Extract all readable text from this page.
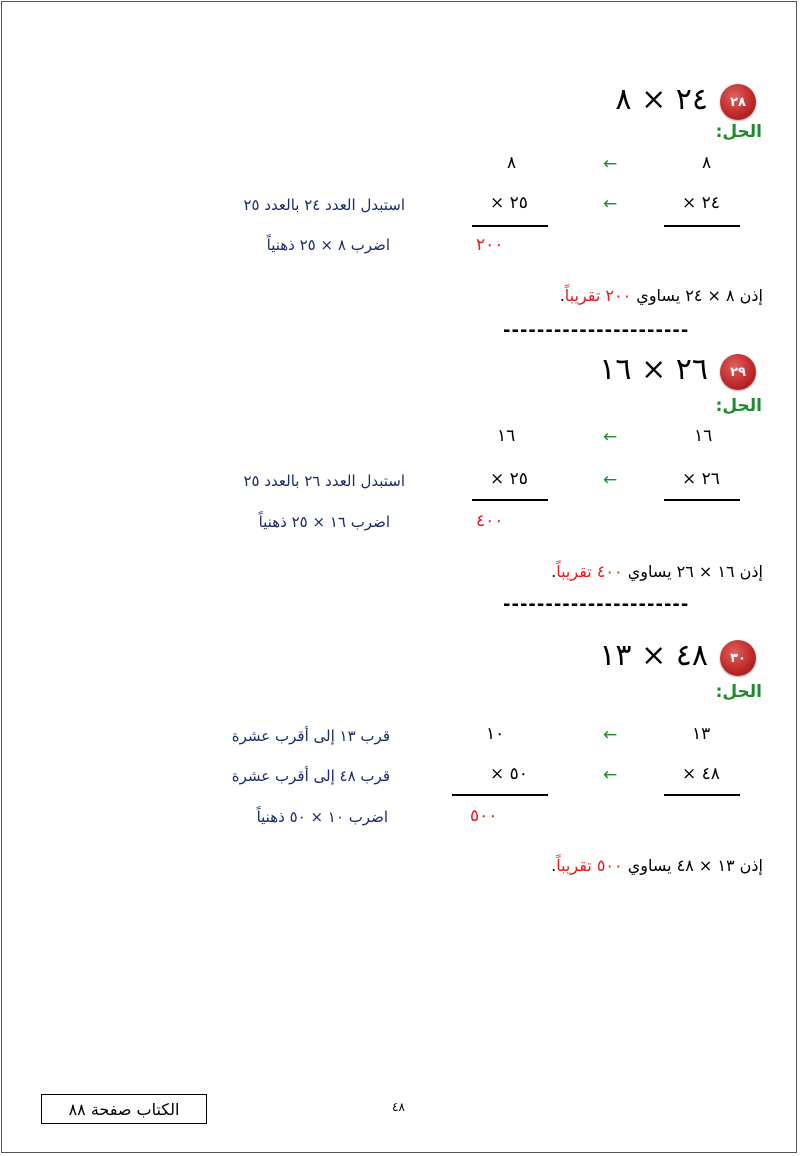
٢٨
٢٤ × ٨
الحل:
٨
←
٨
٢٤ ×
←
٢٥ ×
استبدل العدد ٢٤ بالعدد ٢٥
٢٠٠
اضرب ٨ × ٢٥ ذهنياً
إذن ٨ × ٢٤ يساوي ٢٠٠ تقريباً.
----------------------
٢٩
٢٦ × ١٦
الحل:
١٦
←
١٦
٢٦ ×
←
٢٥ ×
استبدل العدد ٢٦ بالعدد ٢٥
٤٠٠
اضرب ١٦ × ٢٥ ذهنياً
إذن ١٦ × ٢٦ يساوي ٤٠٠ تقريباً.
----------------------
٣٠
٤٨ × ١٣
الحل:
١٣
←
١٠
قرب ١٣ إلى أقرب عشرة
٤٨ ×
←
٥٠ ×
قرب ٤٨ إلى أقرب عشرة
٥٠٠
اضرب ١٠ × ٥٠ ذهنياً
إذن ١٣ × ٤٨ يساوي ٥٠٠ تقريباً.
الكتاب صفحة ٨٨	٤٨
